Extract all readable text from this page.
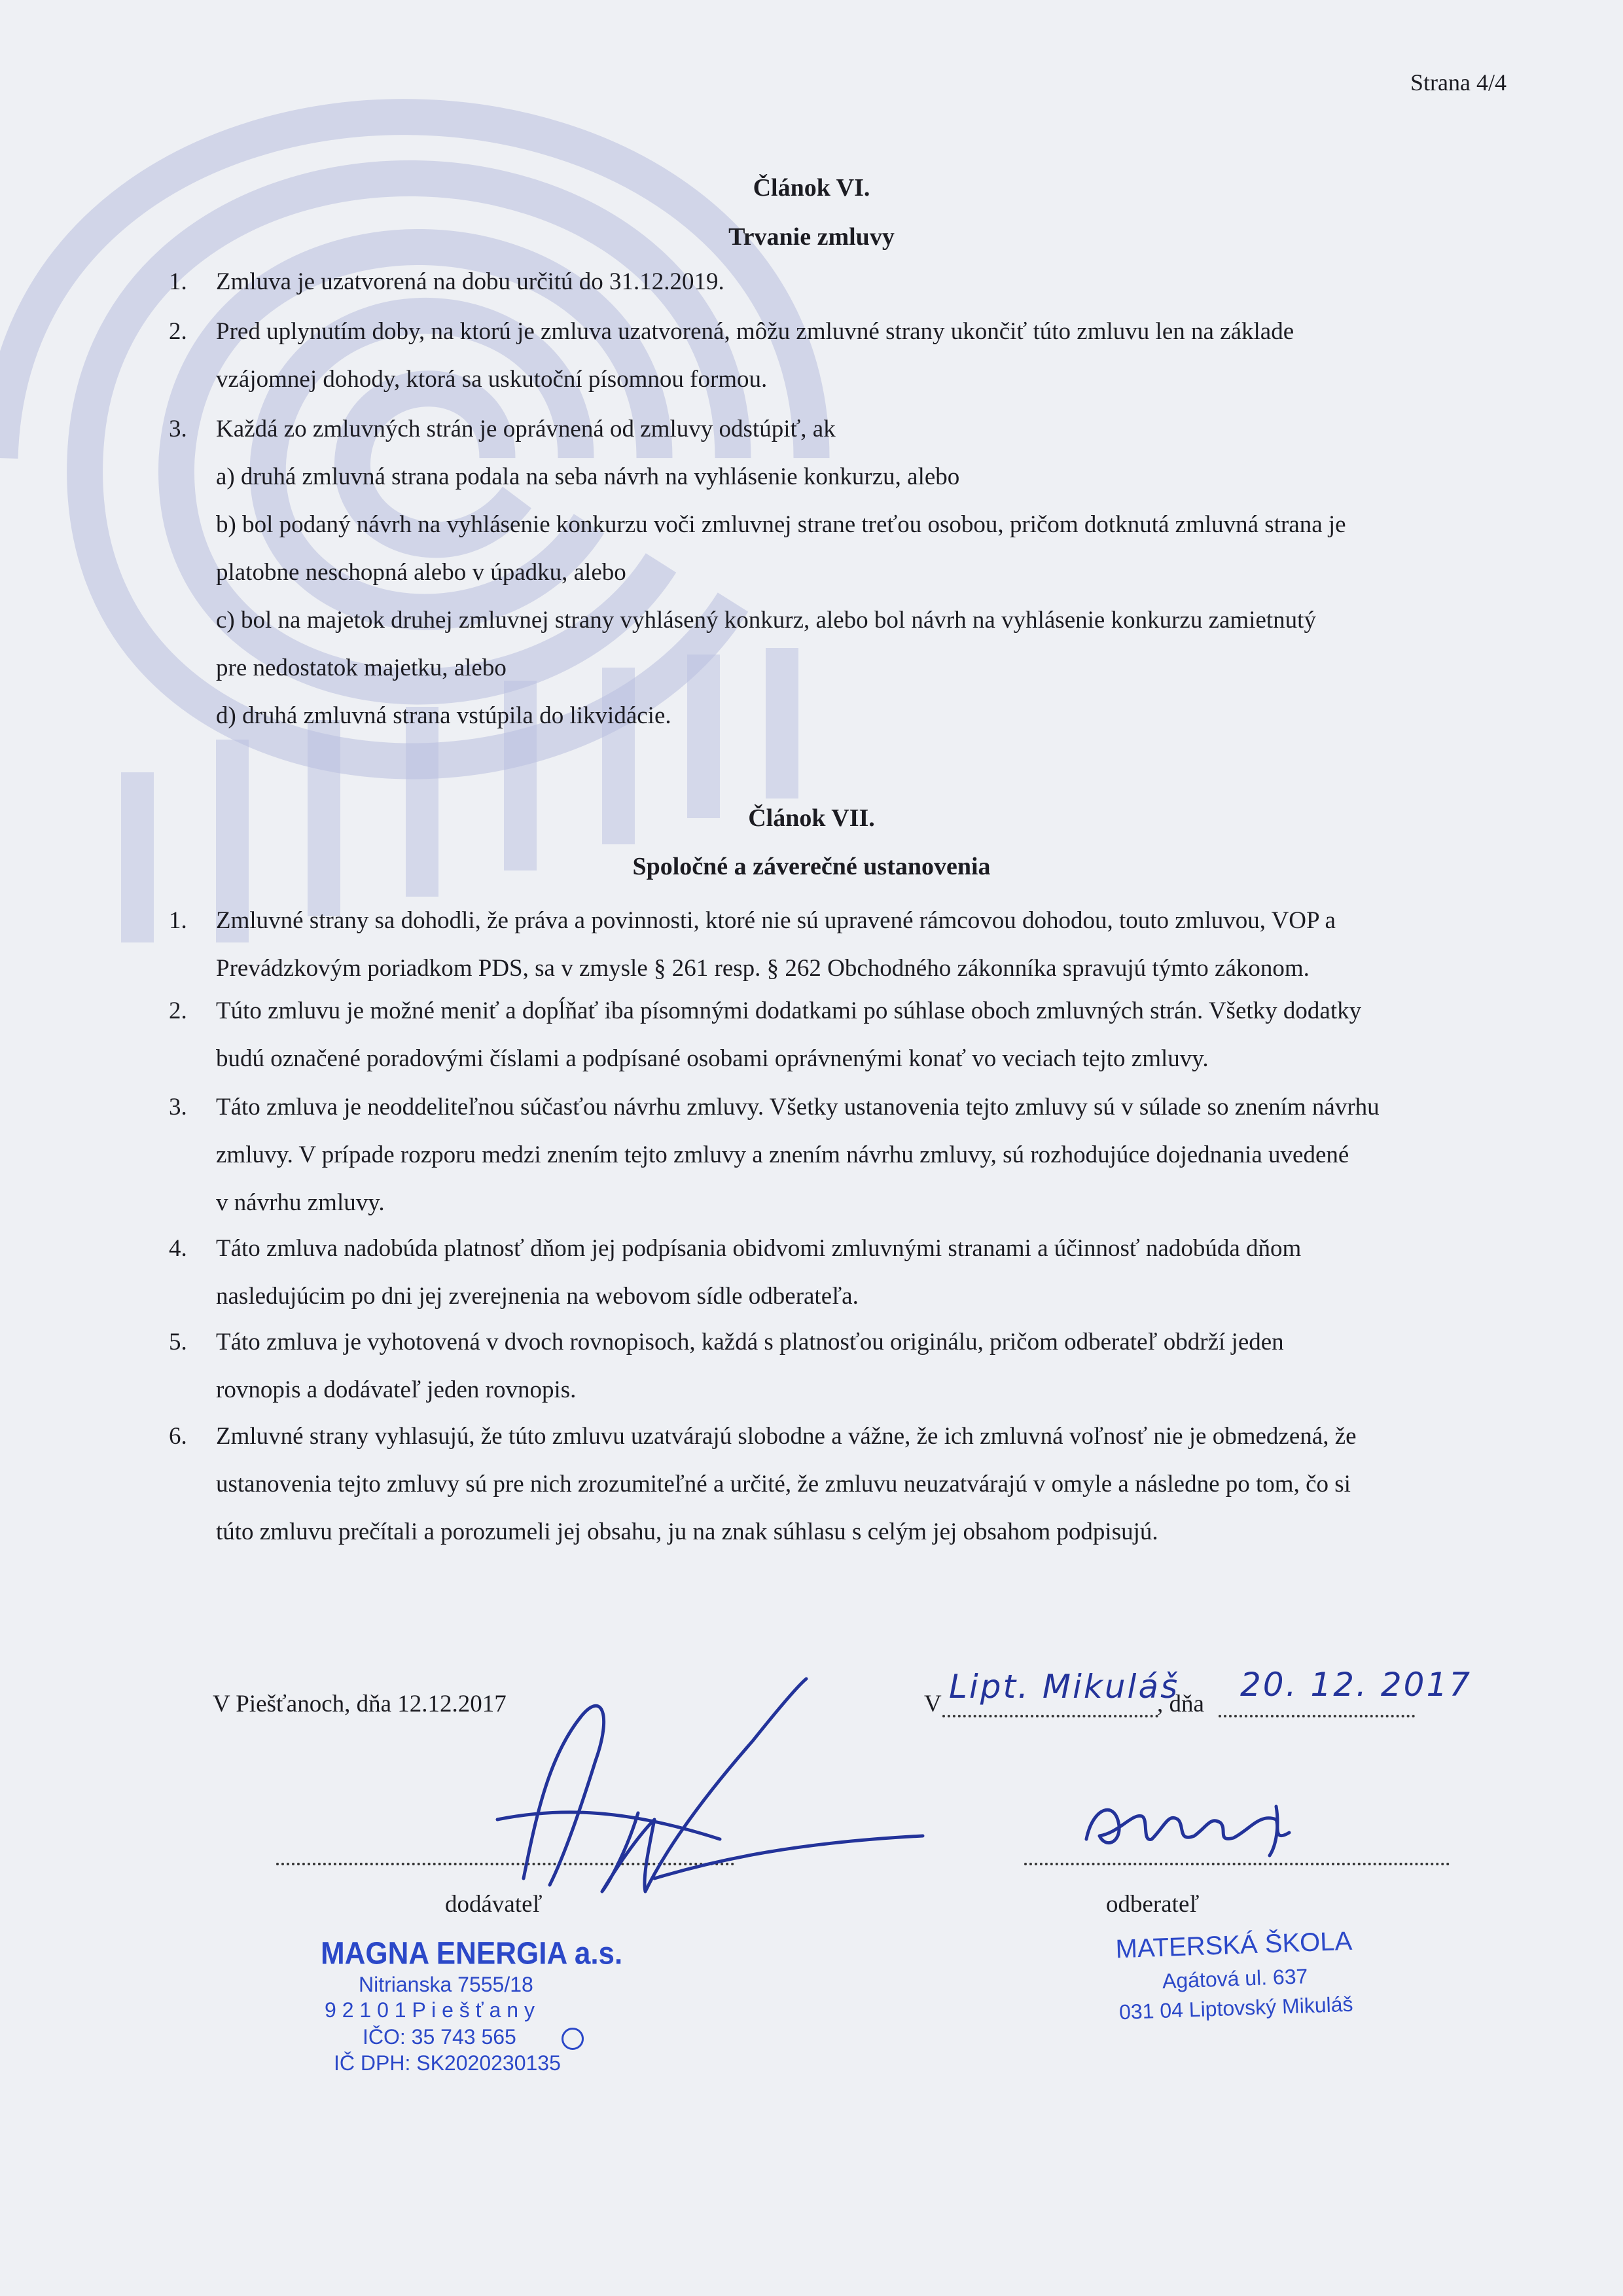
Strana 4/4
Článok VI.
Trvanie zmluvy
1. Zmluva je uzatvorená na dobu určitú do 31.12.2019.
2. Pred uplynutím doby, na ktorú je zmluva uzatvorená, môžu zmluvné strany ukončiť túto zmluvu len na základe
vzájomnej dohody, ktorá sa uskutoční písomnou formou.
3. Každá zo zmluvných strán je oprávnená od zmluvy odstúpiť, ak
a) druhá zmluvná strana podala na seba návrh na vyhlásenie konkurzu, alebo
b) bol podaný návrh na vyhlásenie konkurzu voči zmluvnej strane treťou osobou, pričom dotknutá zmluvná strana je
platobne neschopná alebo v úpadku, alebo
c) bol na majetok druhej zmluvnej strany vyhlásený konkurz, alebo bol návrh na vyhlásenie konkurzu zamietnutý
pre nedostatok majetku, alebo
d) druhá zmluvná strana vstúpila do likvidácie.
Článok VII.
Spoločné a záverečné ustanovenia
1. Zmluvné strany sa dohodli, že práva a povinnosti, ktoré nie sú upravené rámcovou dohodou, touto zmluvou, VOP a
Prevádzkovým poriadkom PDS, sa v zmysle § 261 resp. § 262 Obchodného zákonníka spravujú týmto zákonom.
2. Túto zmluvu je možné meniť a dopĺňať iba písomnými dodatkami po súhlase oboch zmluvných strán. Všetky dodatky
budú označené poradovými číslami a podpísané osobami oprávnenými konať vo veciach tejto zmluvy.
3. Táto zmluva je neoddeliteľnou súčasťou návrhu zmluvy. Všetky ustanovenia tejto zmluvy sú v súlade so znením návrhu
zmluvy. V prípade rozporu medzi znením tejto zmluvy a znením návrhu zmluvy, sú rozhodujúce dojednania uvedené
v návrhu zmluvy.
4. Táto zmluva nadobúda platnosť dňom jej podpísania obidvomi zmluvnými stranami a účinnosť nadobúda dňom
nasledujúcim po dni jej zverejnenia na webovom sídle odberateľa.
5. Táto zmluva je vyhotovená v dvoch rovnopisoch, každá s platnosťou originálu, pričom odberateľ obdrží jeden
rovnopis a dodávateľ jeden rovnopis.
6. Zmluvné strany vyhlasujú, že túto zmluvu uzatvárajú slobodne a vážne, že ich zmluvná voľnosť nie je obmedzená, že
ustanovenia tejto zmluvy sú pre nich zrozumiteľné a určité, že zmluvu neuzatvárajú v omyle a následne po tom, čo si
túto zmluvu prečítali a porozumeli jej obsahu, ju na znak súhlasu s celým jej obsahom podpisujú.
V Piešťanoch, dňa 12.12.2017
dodávateľ
V Lipt. Mikuláš
, dňa
20. 12. 2017
odberateľ
MAGNA ENERGIA a.s.
Nitrianska 7555/18
9 2 1 0 1 P i e š ť a n y
IČO: 35 743 565
IČ DPH: SK2020230135
MATERSKÁ ŠKOLA
Agátová ul. 637
031 04 Liptovský Mikuláš
